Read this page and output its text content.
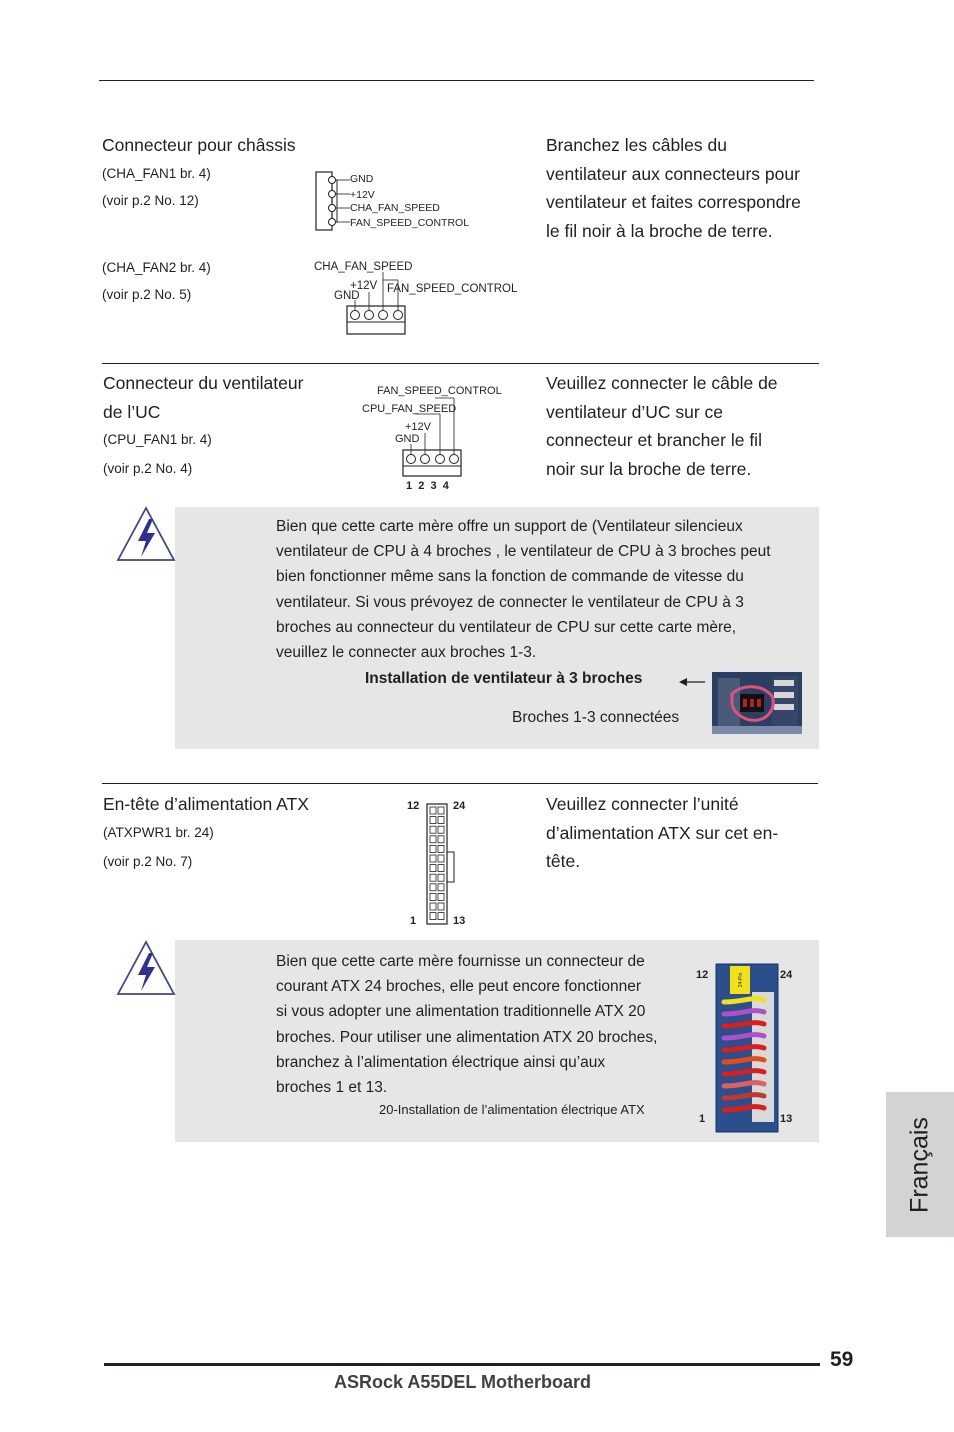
Connecteur pour châssis
(CHA_FAN1 br. 4)
(voir p.2 No. 12)
(CHA_FAN2 br. 4)
(voir p.2 No. 5)
Branchez les câbles du
ventilateur aux connecteurs pour
ventilateur et faites correspondre
le fil noir à la broche de terre.
GND
+12V
CHA_FAN_SPEED
FAN_SPEED_CONTROL
CHA_FAN_SPEED
+12V
GND
FAN_SPEED_CONTROL
Connecteur du ventilateur
de l’UC
(CPU_FAN1 br. 4)
(voir p.2 No. 4)
FAN_SPEED_CONTROL
CPU_FAN_SPEED
+12V
GND
1  2  3  4
Veuillez connecter le câble de
ventilateur d’UC sur ce
connecteur et brancher le fil
noir sur la broche de terre.
Bien que cette carte mère offre un support de (Ventilateur silencieux
ventilateur de CPU à 4 broches , le ventilateur de CPU à 3 broches peut
bien fonctionner même sans la fonction de commande de vitesse du
ventilateur. Si vous prévoyez de connecter le ventilateur de CPU à 3
broches au connecteur du ventilateur de CPU sur cette carte mère,
veuillez le connecter aux broches 1-3.
Installation de ventilateur à 3 broches
Broches 1-3 connectées
En-tête d’alimentation ATX
(ATXPWR1 br. 24)
(voir p.2 No. 7)
12	24
1	13
Veuillez connecter l’unité
d’alimentation ATX sur cet en-
tête.
Bien que cette carte mère fournisse un connecteur de
courant ATX 24 broches, elle peut encore fonctionner
si vous adopter une alimentation traditionnelle ATX 20
broches. Pour utiliser une alimentation ATX 20 broches,
branchez à l’alimentation électrique ainsi qu’aux
broches 1 et 13.
20-Installation de l’alimentation électrique ATX
24-Pin
12	24
1	13	Français
59
ASRock A55DEL Motherboard
